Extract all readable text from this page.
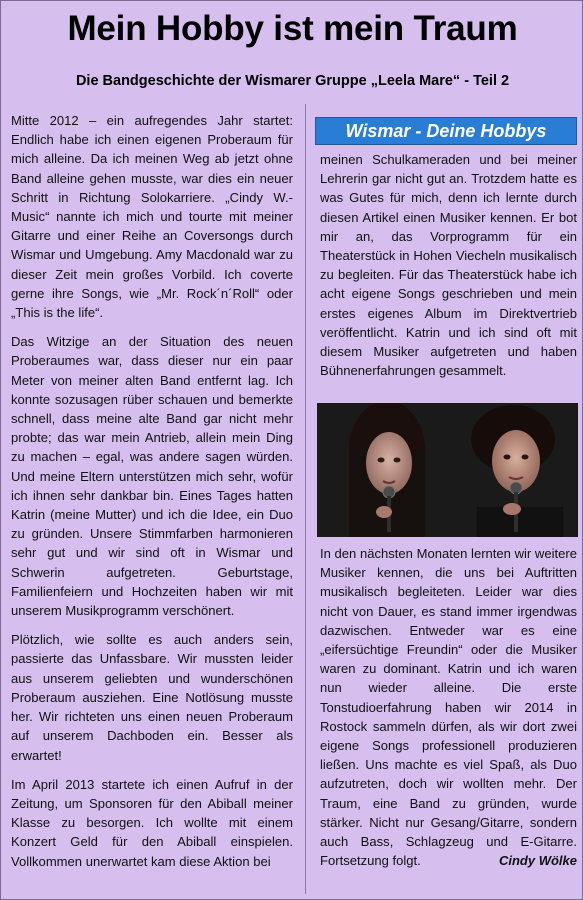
Mein Hobby ist mein Traum
Die Bandgeschichte der Wismarer Gruppe „Leela Mare“ - Teil 2

Mitte 2012 – ein aufregendes Jahr startet: Endlich habe ich einen eigenen Proberaum für mich alleine. Da ich meinen Weg ab jetzt ohne Band alleine gehen musste, war dies ein neuer Schritt in Richtung Solokarriere. „Cindy W.-Music“ nannte ich mich und tourte mit meiner Gitarre und einer Reihe an Coversongs durch Wismar und Umgebung. Amy Macdonald war zu dieser Zeit mein großes Vorbild. Ich coverte gerne ihre Songs, wie „Mr. Rock´n´Roll“ oder „This is the life“.

Das Witzige an der Situation des neuen Proberaumes war, dass dieser nur ein paar Meter von meiner alten Band entfernt lag. Ich konnte sozusagen rüber schauen und bemerkte schnell, dass meine alte Band gar nicht mehr probte; das war mein Antrieb, allein mein Ding zu machen – egal, was andere sagen würden. Und meine Eltern unterstützen mich sehr, wofür ich ihnen sehr dankbar bin. Eines Tages hatten Katrin (meine Mutter) und ich die Idee, ein Duo zu gründen. Unsere Stimmfarben harmonieren sehr gut und wir sind oft in Wismar und Schwerin aufgetreten. Geburtstage, Familienfeiern und Hochzeiten haben wir mit unserem Musikprogramm verschönert.

Plötzlich, wie sollte es auch anders sein, passierte das Unfassbare. Wir mussten leider aus unserem geliebten und wunderschönen Proberaum ausziehen. Eine Notlösung musste her. Wir richteten uns einen neuen Proberaum auf unserem Dachboden ein. Besser als erwartet!

Im April 2013 startete ich einen Aufruf in der Zeitung, um Sponsoren für den Abiball meiner Klasse zu besorgen. Ich wollte mit einem Konzert Geld für den Abiball einspielen. Vollkommen unerwartet kam diese Aktion bei

Wismar - Deine Hobbys

meinen Schulkameraden und bei meiner Lehrerin gar nicht gut an. Trotzdem hatte es was Gutes für mich, denn ich lernte durch diesen Artikel einen Musiker kennen. Er bot mir an, das Vorprogramm für ein Theaterstück in Hohen Viecheln musikalisch zu begleiten. Für das Theaterstück habe ich acht eigene Songs geschrieben und mein erstes eigenes Album im Direktvertrieb veröffentlicht. Katrin und ich sind oft mit diesem Musiker aufgetreten und haben Bühnenerfahrungen gesammelt.

In den nächsten Monaten lernten wir weitere Musiker kennen, die uns bei Auftritten musikalisch begleiteten. Leider war dies nicht von Dauer, es stand immer irgendwas dazwischen. Entweder war es eine „eifersüchtige Freundin“ oder die Musiker waren zu dominant. Katrin und ich waren nun wieder alleine. Die erste Tonstudioerfahrung haben wir 2014 in Rostock sammeln dürfen, als wir dort zwei eigene Songs professionell produzieren ließen. Uns machte es viel Spaß, als Duo aufzutreten, doch wir wollten mehr. Der Traum, eine Band zu gründen, wurde stärker. Nicht nur Gesang/Gitarre, sondern auch Bass, Schlagzeug und E-Gitarre. Fortsetzung folgt.	Cindy Wölke
